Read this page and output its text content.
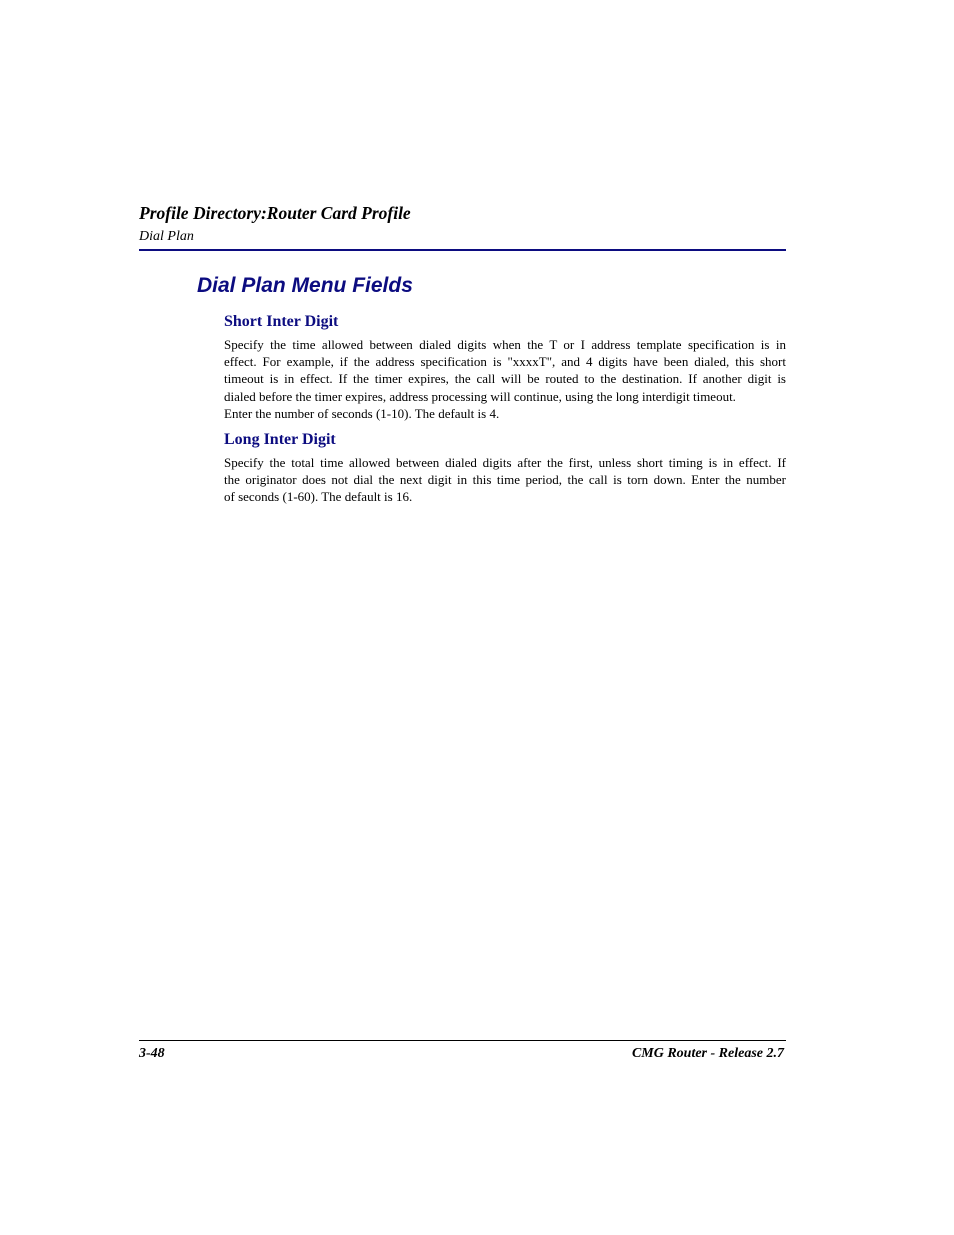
Profile Directory:Router Card Profile
Dial Plan
Dial Plan Menu Fields
Short Inter Digit
Specify the time allowed between dialed digits when the T or I address template specification is in
effect. For example, if the address specification is "xxxxT", and 4 digits have been dialed, this short
timeout is in effect. If the timer expires, the call will be routed to the destination. If another digit is
dialed before the timer expires, address processing will continue, using the long interdigit timeout.
Enter the number of seconds (1-10). The default is 4.
Long Inter Digit
Specify the total time allowed between dialed digits after the first, unless short timing is in effect. If
the originator does not dial the next digit in this time period, the call is torn down. Enter the number
of seconds (1-60). The default is 16.
3-48	CMG Router - Release 2.7
